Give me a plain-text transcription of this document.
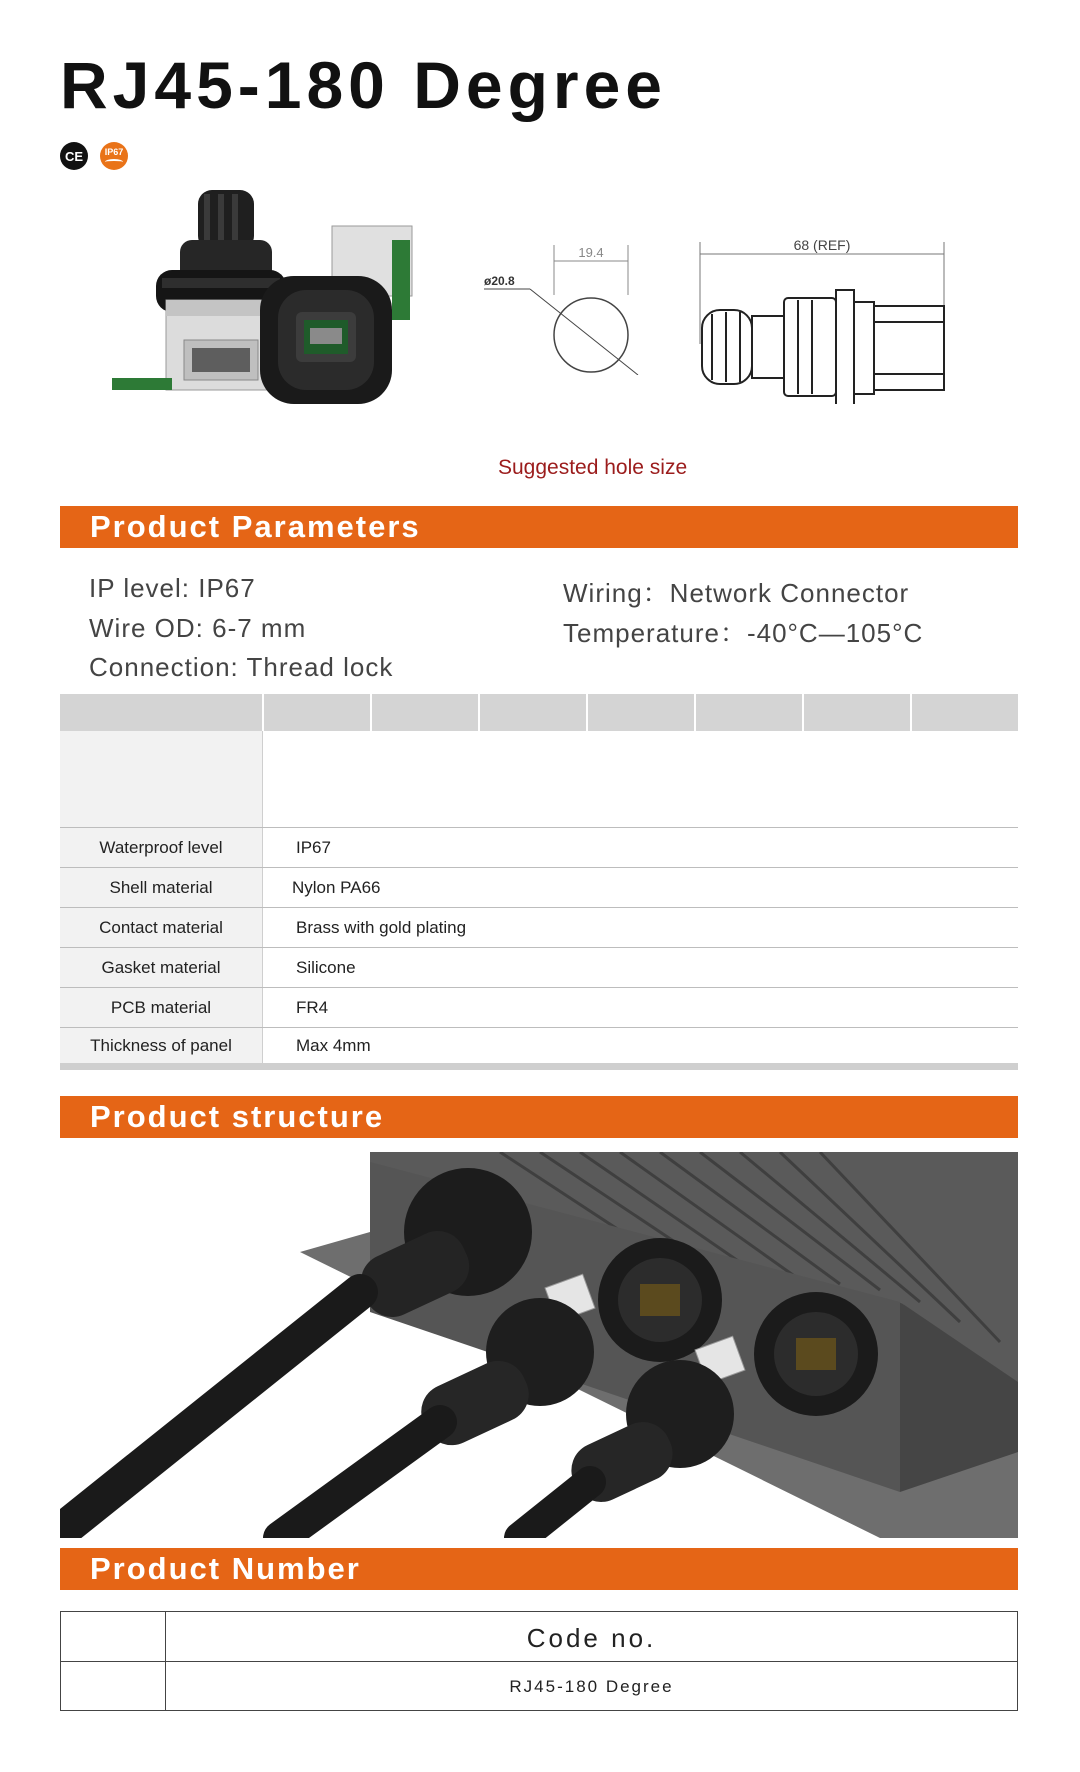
RJ45-180 Degree
CE IP67
19.4
ø20.8
68 (REF)
Suggested hole size
Product Parameters
IP level: IP67
Wire OD: 6-7 mm
Connection: Thread lock
Wiring：Network Connector
Temperature：-40°C—105°C
Waterproof level	IP67
Shell material	Nylon PA66
Contact material	Brass with gold plating
Gasket material	Silicone
PCB material	FR4
Thickness of panel	Max 4mm
Product structure
Product Number
Code no.
RJ45-180 Degree
